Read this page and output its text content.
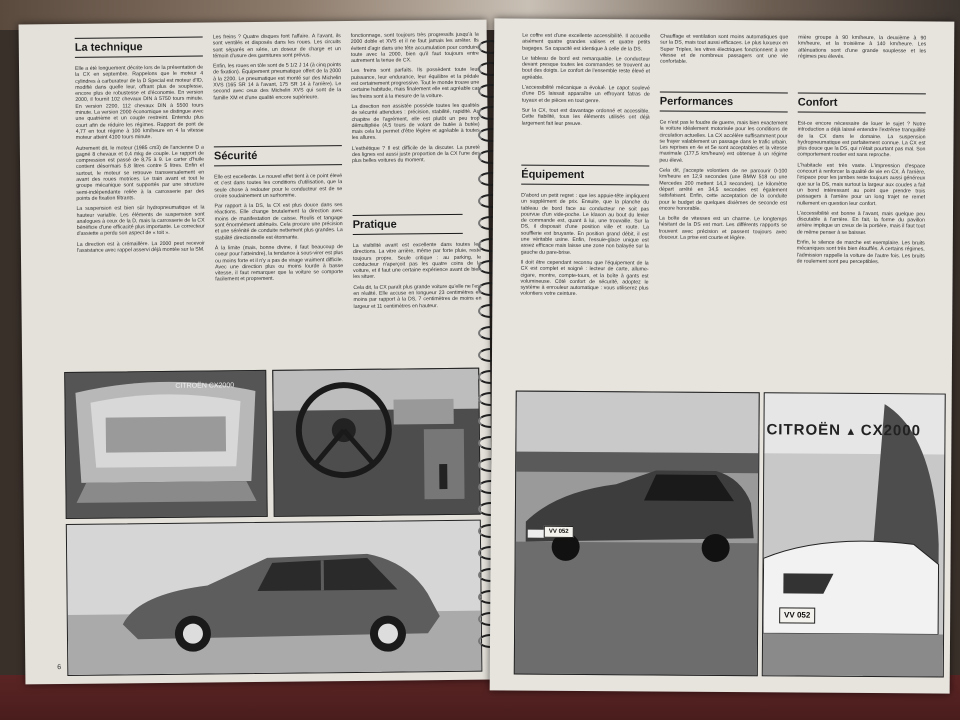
La technique

Elle a été longuement décrite lors de la présentation de la CX en septembre. Rappelons que le moteur 4 cylindres à carburateur de la D Special est moteur d'ID, modifié dans quelle leur, offrant plus de souplesse, encore plus de robustesse et d'économie. En version 2000, il fournit 102 chevaux DIN à 5750 tours minute. En version 2200, 112 chevaux DIN à 5500 tours minute. La version 2000 économique se distingue avec une quatrième et un couple restreint. Entendu plus court afin de réduire les régimes. Rapport de pont de 4,77 en tout régime à 100 km/heure en 4 la vitesse moteur atteint 4100 tours minute.

Autrement dit, le moteur (1985 cm3) de l'ancienne D a gagné 8 chevaux et 0,4 mkg de couple. Le rapport de compression est passé de 8,75 à 9. Le carter d'huile contient désormais 5,8 litres contre 5 litres. Enfin et surtout, le moteur se retrouve transversalement en avant des roues motrices. Le train avant et tout le groupe mécanique sont supportés par une structure semi-indépendante reliée à la carrosserie par des points de fixation filtrants.

La suspension est bien sûr hydropneumatique et la hauteur variable. Les éléments de suspension sont analogues à ceux de la D, mais la carrosserie de la CX bénéficie d'une efficacité plus importante. Le correcteur d'assiette a perdu son aspect de « toit ».

La direction est à crémaillère. La 2000 peut recevoir l'assistance avec rappel asservi déjà montée sur la SM.

Les freins ? Quatre disques font l'affaire. À l'avant, ils sont ventilés et disposés dans les roues. Les circuits sont séparés en série, un doseur de charge et un témoin d'usure des garnitures sont prévus.

Enfin, les roues en tôle sont de 5 1/2 J 14 (à cinq points de fixation). Équipement pneumatique offert de la 2000 à la 2200. Le pneumatique est monté sur des Michelin XVS (165 SR 14 à l'avant, 175 SR 14 à l'arrière). Le second avec ceux des Michelin XVS qui sont de la famille XM et d'une qualité encore supérieure.

Sécurité

Elle est excellente. Le nouvel effet tient à ce point élevé et c'est dans toutes les conditions d'utilisation, que la seule chose à redouter pour le conducteur est de se croire soudainement un surhomme.

Par rapport à la DS, la CX est plus douce dans ses réactions. Elle change brutalement la direction avec moins de manifestation de caisse. Roulis et tangage sont énormément atténués. Cela procure une précision et une sérénité de conduite nettement plus grandes. La stabilité directionnelle est étonnante.

À la limite (mais, bonne divine, il faut beaucoup de coeur pour l'atteindre), la tendance à sous-virer est plus ou moins forte et il n'y a pas de virage vraiment difficile. Avec une direction plus ou moins lourde à basse vitesse, il faut remarquer que la voiture se comporte facilement et proprement.

fonctionnage, sont toujours très progressifs jusqu'à la 2000 doble et XVS et il ne faut jamais les arrêter. Ils évitent d'agir dans une tête accumulation pour conduire toute avec la 2000, bien qu'il faut toujours entre autrement la tenue de CX.

Les freins sont parfaits. Ils possèdent toute leur puissance, leur endurance, leur équilibre et la pédale est certainement progressive. Tout le monde trouve une certaine habitude, mais finalement elle est agréable car les freins sont à la mesure de la voiture.

La direction non assistée possède toutes les qualités de sécurité attendues : précision, stabilité, rapidité. Au chapitre de l'agrément, elle est plutôt un peu trop démultipliée (4,5 tours de volant de butée à butée) mais cela lui permet d'être légère et agréable à toutes les allures.

L'esthétique ? Il est difficile de la discuter. La pureté des lignes est aussi juste proportion de la CX l'une des plus belles voitures du moment.

Pratique

La visibilité avant est excellente dans toutes les directions. La vitre arrière, même par forte pluie, reste toujours propre. Seule critique : au parking, le conducteur n'aperçoit pas les quatre coins de la voiture, et il faut une certaine expérience avant de bien les situer.

Cela dit, la CX paraît plus grande voiture qu'elle ne l'est en réalité. Elle accuse en longueur 23 centimètres en moins par rapport à la DS, 7 centimètres de moins en largeur et 11 centimètres en hauteur.

CITROËN CX2000
6

Le coffre est d'une excellente accessibilité. Il accueille aisément quatre grandes valises et quatre petits bagages. Sa capacité est identique à celle de la DS.

Le tableau de bord est remarquable. Le conducteur devant presque toutes les commandes se trouvent au bout des doigts. Le confort de l'ensemble reste élevé et agréable.

L'accessibilité mécanique a évolué. Le capot soulevé d'une DS laissait apparaître un effroyant fatras de tuyaux et de pièces en tout genre.

Sur la CX, tout est davantage ordonné et accessible. Cette fiabilité, tous les éléments utilisés ont déjà largement fait leur preuve.

Équipement

D'abord un petit regret : que les appuie-tête impliquent un supplément de prix. Ensuite, que la planche du tableau de bord face au conducteur ne soit pas pourvue d'un vide-poche. Le klaxon au bout du levier de commande est, quant à lui, une trouvaille. Sur la DS, il disposait d'une position ville et route. La soufflerie est bruyante. En position grand débit, il est une véritable usine. Enfin, l'essuie-glace unique est assez efficace mais laisse une zone non balayée sur la gauche du pare-brise.

Il doit être cependant reconnu que l'équipement de la CX est complet et soigné : lecteur de carte, allume-cigare, montre, compte-tours, et la boîte à gants est volumineuse. Côté confort de sécurité, adoptez le système à enrouleur automatique : vous utiliserez plus volontiers votre ceinture.

Chauffage et ventilation sont moins automatiques que sur la DS, mais tout aussi efficaces. Le plus luxueux en Super Triplex, les vitres électriques fonctionnent à une vitesse et de nombreux passagers ont une vie confortable.

Performances

Ce n'est pas le foudre de guerre, mais bien exactement la voiture idéalement motorisée pour les conditions de circulation actuelles. La CX accélère suffisamment pour se frayer valablement un passage dans le trafic urbain. Les reprises en 4e et 5e sont acceptables et la vitesse maximale (177,5 km/heure) est obtenue à un régime peu élevé.

Cela dit, j'accepte volontiers de ne parcourir 0-100 km/heure en 12,9 secondes (une BMW 518 ou une Mercedes 200 mettent 14,3 secondes). Le kilomètre départ arrêté en 34,5 secondes est également satisfaisant. Enfin, cette acceptation de la conduite pour le budget de quelques dixièmes de seconde est encore honorable.

La boîte de vitesses est un charme. Le longtemps hésitant de la DS est mort. Les différents rapports se trouvent avec précision et passent toujours avec douceur. La prise est courte et légère.

mière groupe à 90 km/heure, la deuxième à 90 km/heure, et la troisième à 140 km/heure. Les atténuations sont d'une grande souplesse et les régimes peu élevés.

Confort

Est-ce encore nécessaire de louer le sujet ? Notre introduction a déjà laissé entendre l'extrême tranquillité de la CX dans le domaine. La suspension hydropneumatique est parfaitement connue. La CX est plus douce que la DS, qui n'était pourtant pas mal. Son comportement routier est sans reproche.

L'habitacle est très vaste. L'impression d'espace concourt à renforcer la qualité de vie en CX. À l'arrière, l'espace pour les jambes reste toujours aussi généreux que sur la DS, mais surtout la largeur aux coudes a fait un bond intéressant au point que prendre trois passagers à l'arrière pour un long trajet ne remet nullement en question leur confort.

L'accessibilité est bonne à l'avant, mais quelque peu discutable à l'arrière. En fait, la forme du pavillon arrière implique un creux de la portière, mais il faut tout de même penser à se baisser.

Enfin, le silence de marche est exemplaire. Les bruits mécaniques sont très bien étouffés. À certains régimes, l'admission rappelle la voiture de l'autre fois. Les bruits de roulement sont peu perceptibles.

VV 052
CITROËN ▲ CX2000
VV 052
